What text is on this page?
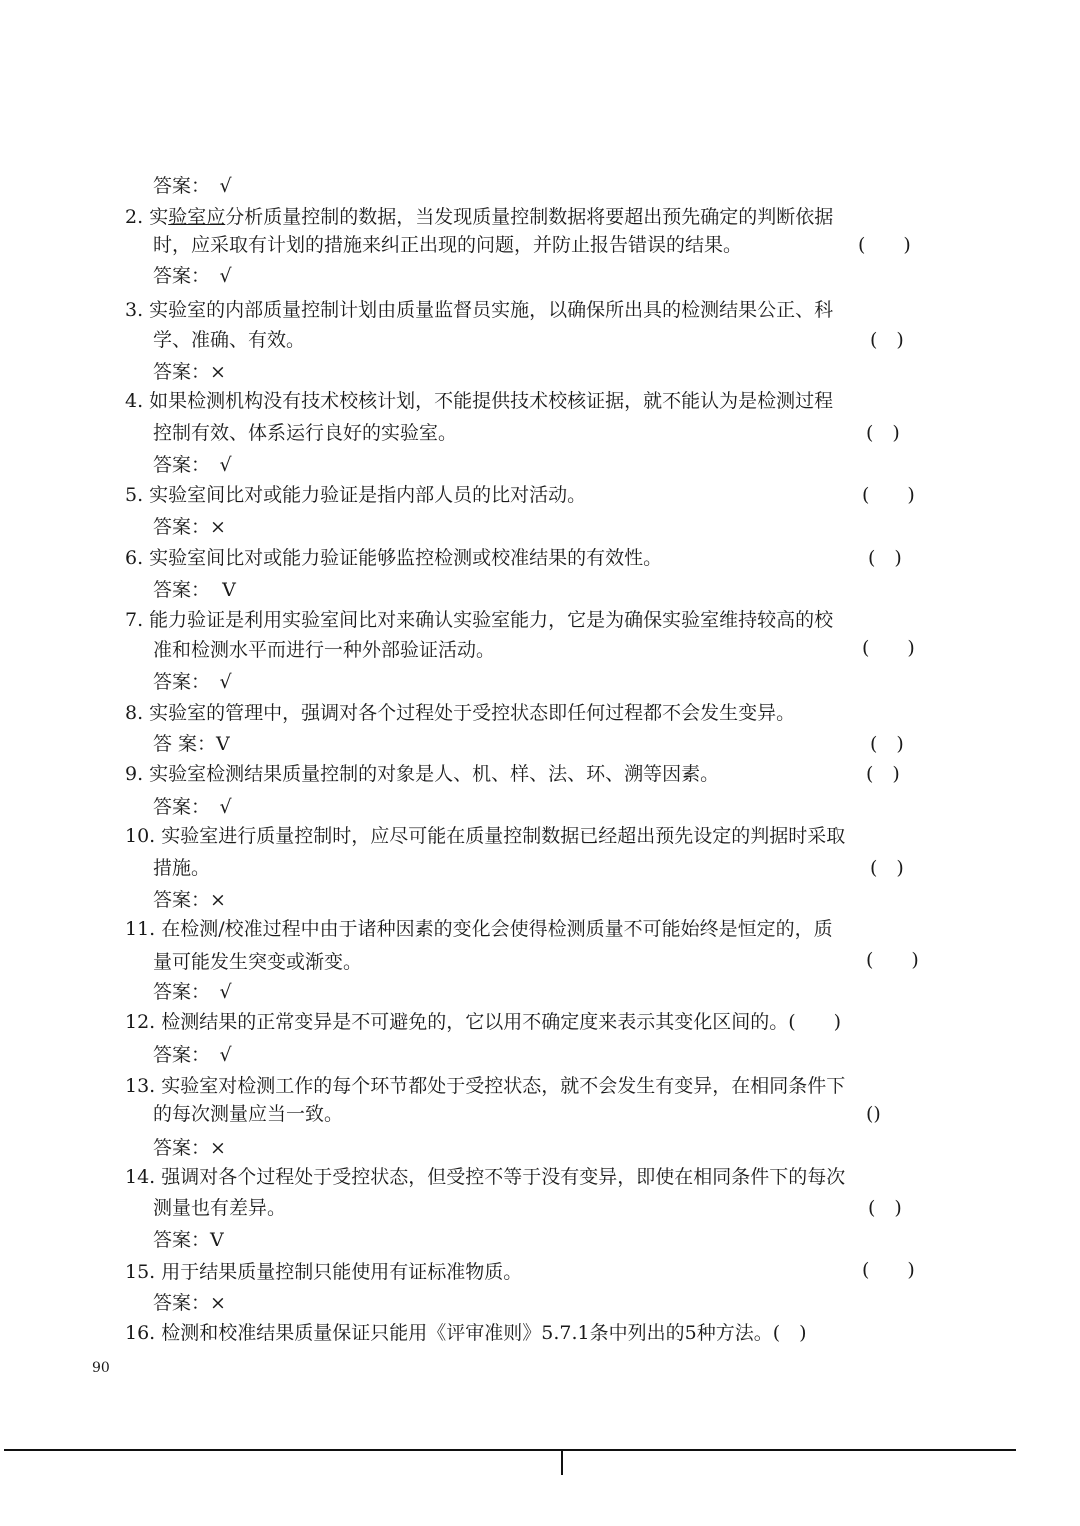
答案：　√
2. 实验室应分析质量控制的数据，当发现质量控制数据将要超出预先确定的判断依据
时，应采取有计划的措施来纠正出现的问题，并防止报告错误的结果。	(　　)
答案：　√
3. 实验室的内部质量控制计划由质量监督员实施，以确保所出具的检测结果公正、科
学、准确、有效。	(　)
答案：×
4. 如果检测机构没有技术校核计划，不能提供技术校核证据，就不能认为是检测过程
控制有效、体系运行良好的实验室。	(　)
答案：　√
5. 实验室间比对或能力验证是指内部人员的比对活动。	(　　)
答案：×
6. 实验室间比对或能力验证能够监控检测或校准结果的有效性。	(　)
答案：  V
7. 能力验证是利用实验室间比对来确认实验室能力，它是为确保实验室维持较高的校
准和检测水平而进行一种外部验证活动。	(　　)
答案：　√
8. 实验室的管理中，强调对各个过程处于受控状态即任何过程都不会发生变异。
答 案：V	(　)
9. 实验室检测结果质量控制的对象是人、机、样、法、环、溯等因素。	(　)
答案：　√
10. 实验室进行质量控制时，应尽可能在质量控制数据已经超出预先设定的判据时采取
措施。	(　)
答案：×
11. 在检测/校准过程中由于诸种因素的变化会使得检测质量不可能始终是恒定的，质
量可能发生突变或渐变。	(　　)
答案：　√
12. 检测结果的正常变异是不可避免的，它以用不确定度来表示其变化区间的。(　　)
答案：　√
13. 实验室对检测工作的每个环节都处于受控状态，就不会发生有变异，在相同条件下
的每次测量应当一致。	()
答案：×
14. 强调对各个过程处于受控状态，但受控不等于没有变异，即使在相同条件下的每次
测量也有差异。	(　)
答案：V
15. 用于结果质量控制只能使用有证标准物质。	(　　)
答案：×
16. 检测和校准结果质量保证只能用《评审准则》5.7.1条中列出的5种方法。(　)
90
